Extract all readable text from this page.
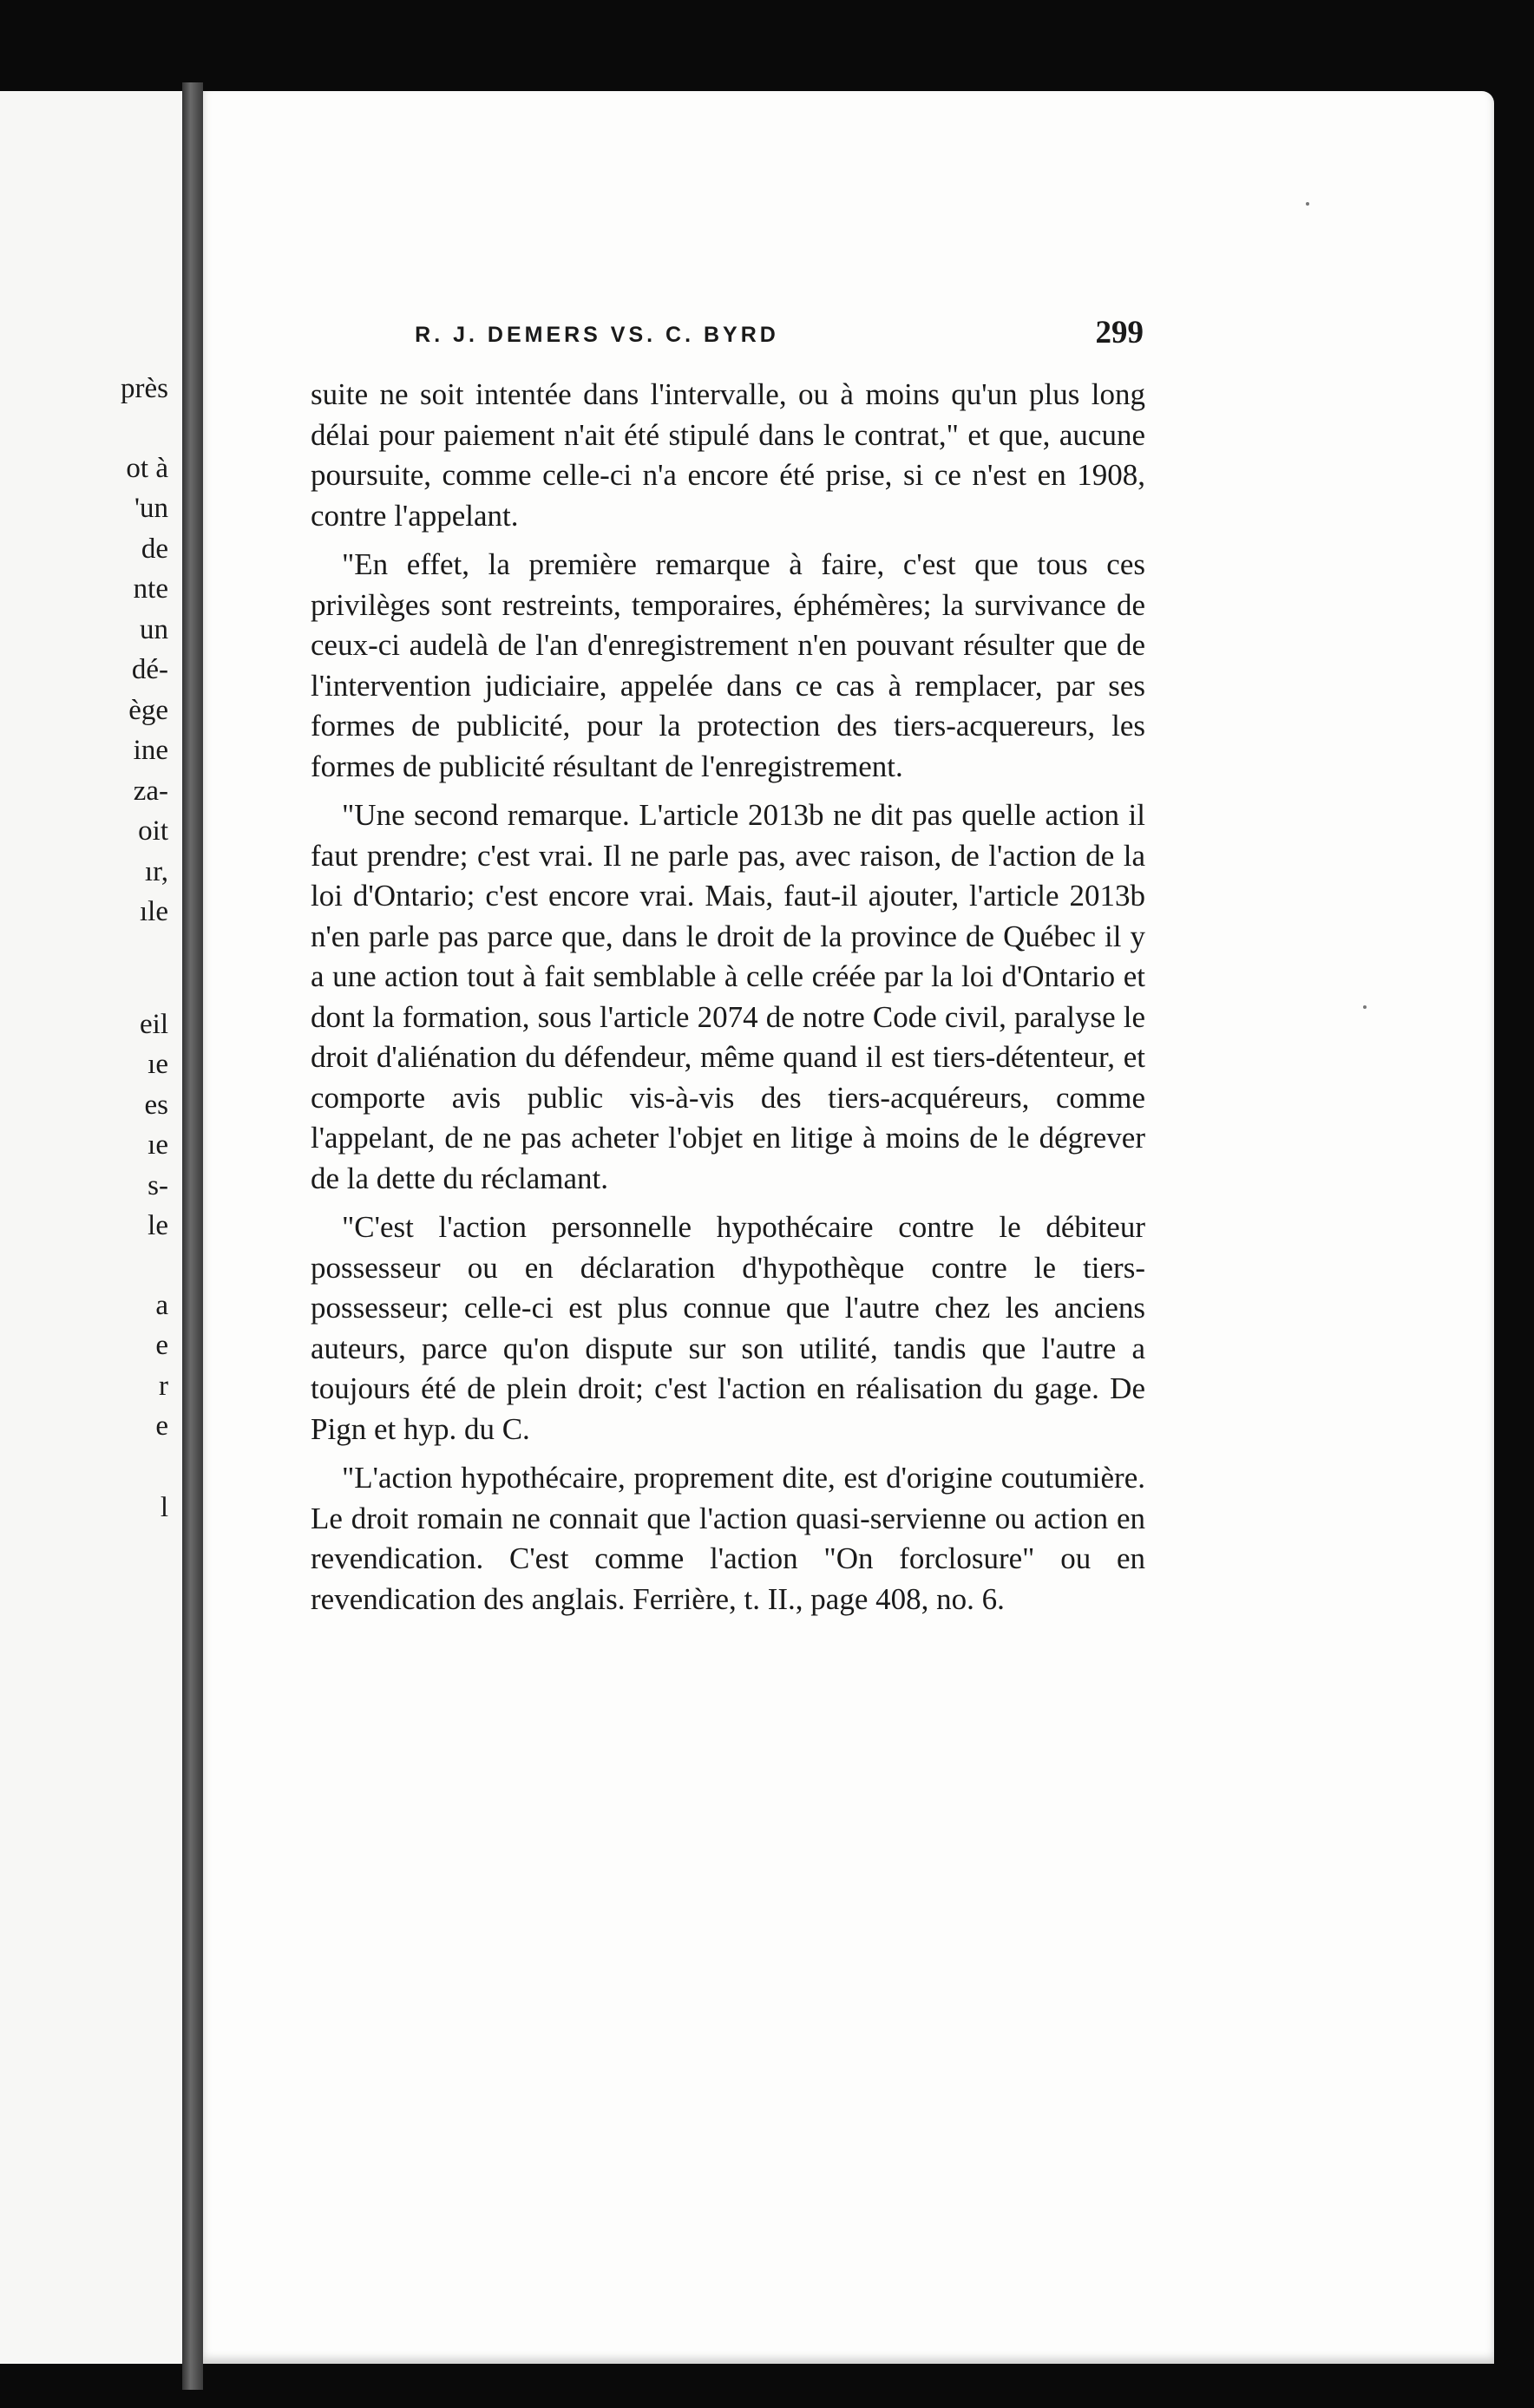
près
ot à
'un
de
nte
un
dé-
ège
ine
za-
oit
ır,
ıle
eil
ıe
es
ıe
s-
le
a
e
r
e
l
R. J. DEMERS VS. C. BYRD	299

suite ne soit intentée dans l'intervalle, ou à moins qu'un plus long délai pour paiement n'ait été stipulé dans le contrat," et que, aucune poursuite, comme celle-ci n'a encore été prise, si ce n'est en 1908, contre l'appelant.

"En effet, la première remarque à faire, c'est que tous ces privilèges sont restreints, temporaires, éphémères; la survivance de ceux-ci audelà de l'an d'enregistrement n'en pouvant résulter que de l'intervention judiciaire, appelée dans ce cas à remplacer, par ses formes de publicité, pour la protection des tiers-acquereurs, les formes de publicité résultant de l'enregistrement.

"Une second remarque. L'article 2013b ne dit pas quelle action il faut prendre; c'est vrai. Il ne parle pas, avec raison, de l'action de la loi d'Ontario; c'est encore vrai. Mais, faut-il ajouter, l'article 2013b n'en parle pas parce que, dans le droit de la province de Québec il y a une action tout à fait semblable à celle créée par la loi d'Ontario et dont la formation, sous l'article 2074 de notre Code civil, paralyse le droit d'aliénation du défendeur, même quand il est tiers-détenteur, et comporte avis public vis-à-vis des tiers-acquéreurs, comme l'appelant, de ne pas acheter l'objet en litige à moins de le dégrever de la dette du réclamant.

"C'est l'action personnelle hypothécaire contre le débiteur possesseur ou en déclaration d'hypothèque contre le tiers-possesseur; celle-ci est plus connue que l'autre chez les anciens auteurs, parce qu'on dispute sur son utilité, tandis que l'autre a toujours été de plein droit; c'est l'action en réalisation du gage. De Pign et hyp. du C.

"L'action hypothécaire, proprement dite, est d'origine coutumière. Le droit romain ne connait que l'action quasi-servienne ou action en revendication. C'est comme l'action "On forclosure" ou en revendication des anglais. Ferrière, t. II., page 408, no. 6.
